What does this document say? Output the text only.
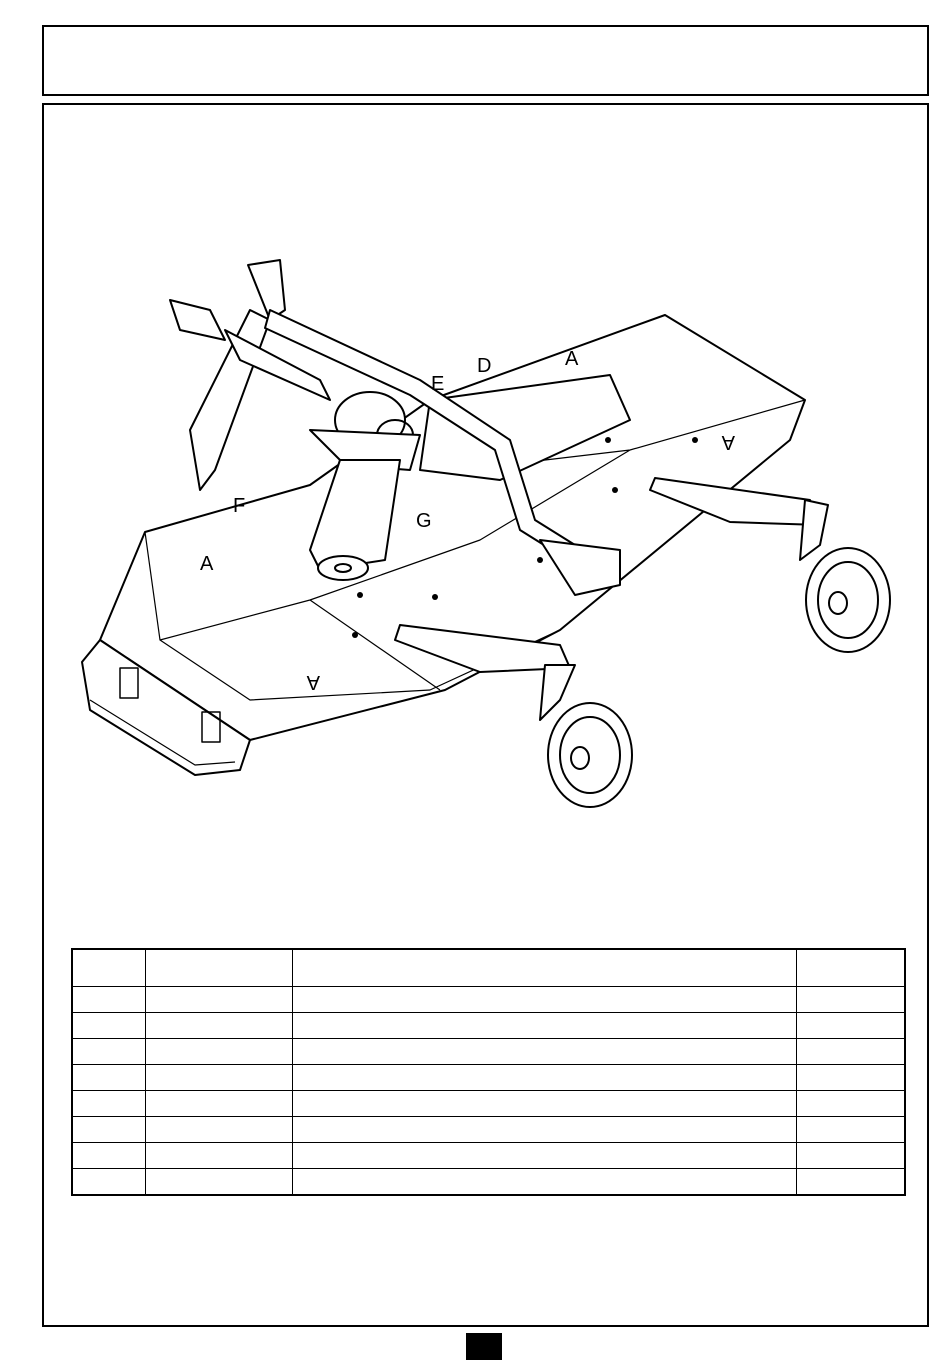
A
F
G
E
D	A
A
A
